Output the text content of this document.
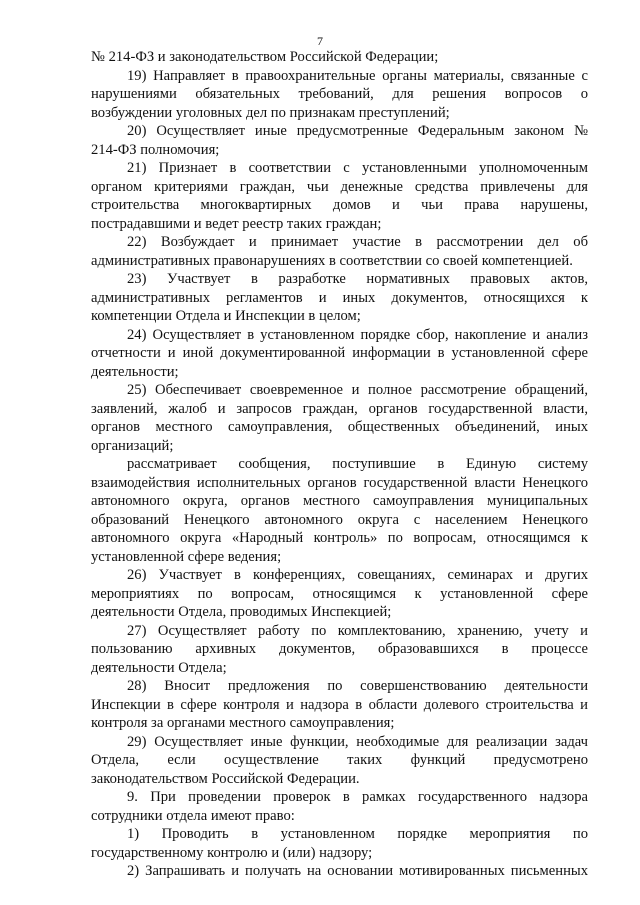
7
№ 214-ФЗ и законодательством Российской Федерации;
19) Направляет в правоохранительные органы материалы, связанные с
нарушениями обязательных требований, для решения вопросов о
возбуждении уголовных дел по признакам преступлений;
20) Осуществляет иные предусмотренные Федеральным законом №
214-ФЗ полномочия;
21) Признает в соответствии с установленными уполномоченным
органом критериями граждан, чьи денежные средства привлечены для
строительства многоквартирных домов и чьи права нарушены,
пострадавшими и ведет реестр таких граждан;
22) Возбуждает и принимает участие в рассмотрении дел об
административных правонарушениях в соответствии со своей компетенцией.
23) Участвует в разработке нормативных правовых актов,
административных регламентов и иных документов, относящихся к
компетенции Отдела и Инспекции в целом;
24) Осуществляет в установленном порядке сбор, накопление и анализ
отчетности и иной документированной информации в установленной сфере
деятельности;
25) Обеспечивает своевременное и полное рассмотрение обращений,
заявлений, жалоб и запросов граждан, органов государственной власти,
органов местного самоуправления, общественных объединений, иных
организаций;
рассматривает сообщения, поступившие в Единую систему
взаимодействия исполнительных органов государственной власти Ненецкого
автономного округа, органов местного самоуправления муниципальных
образований Ненецкого автономного округа с населением Ненецкого
автономного округа «Народный контроль» по вопросам, относящимся к
установленной сфере ведения;
26) Участвует в конференциях, совещаниях, семинарах и других
мероприятиях по вопросам, относящимся к установленной сфере
деятельности Отдела, проводимых Инспекцией;
27) Осуществляет работу по комплектованию, хранению, учету и
пользованию архивных документов, образовавшихся в процессе
деятельности Отдела;
28) Вносит предложения по совершенствованию деятельности
Инспекции в сфере контроля и надзора в области долевого строительства и
контроля за органами местного самоуправления;
29) Осуществляет иные функции, необходимые для реализации задач
Отдела, если осуществление таких функций предусмотрено
законодательством Российской Федерации.
9. При проведении проверок в рамках государственного надзора
сотрудники отдела имеют право:
1) Проводить в установленном порядке мероприятия по
государственному контролю и (или) надзору;
2) Запрашивать и получать на основании мотивированных письменных
